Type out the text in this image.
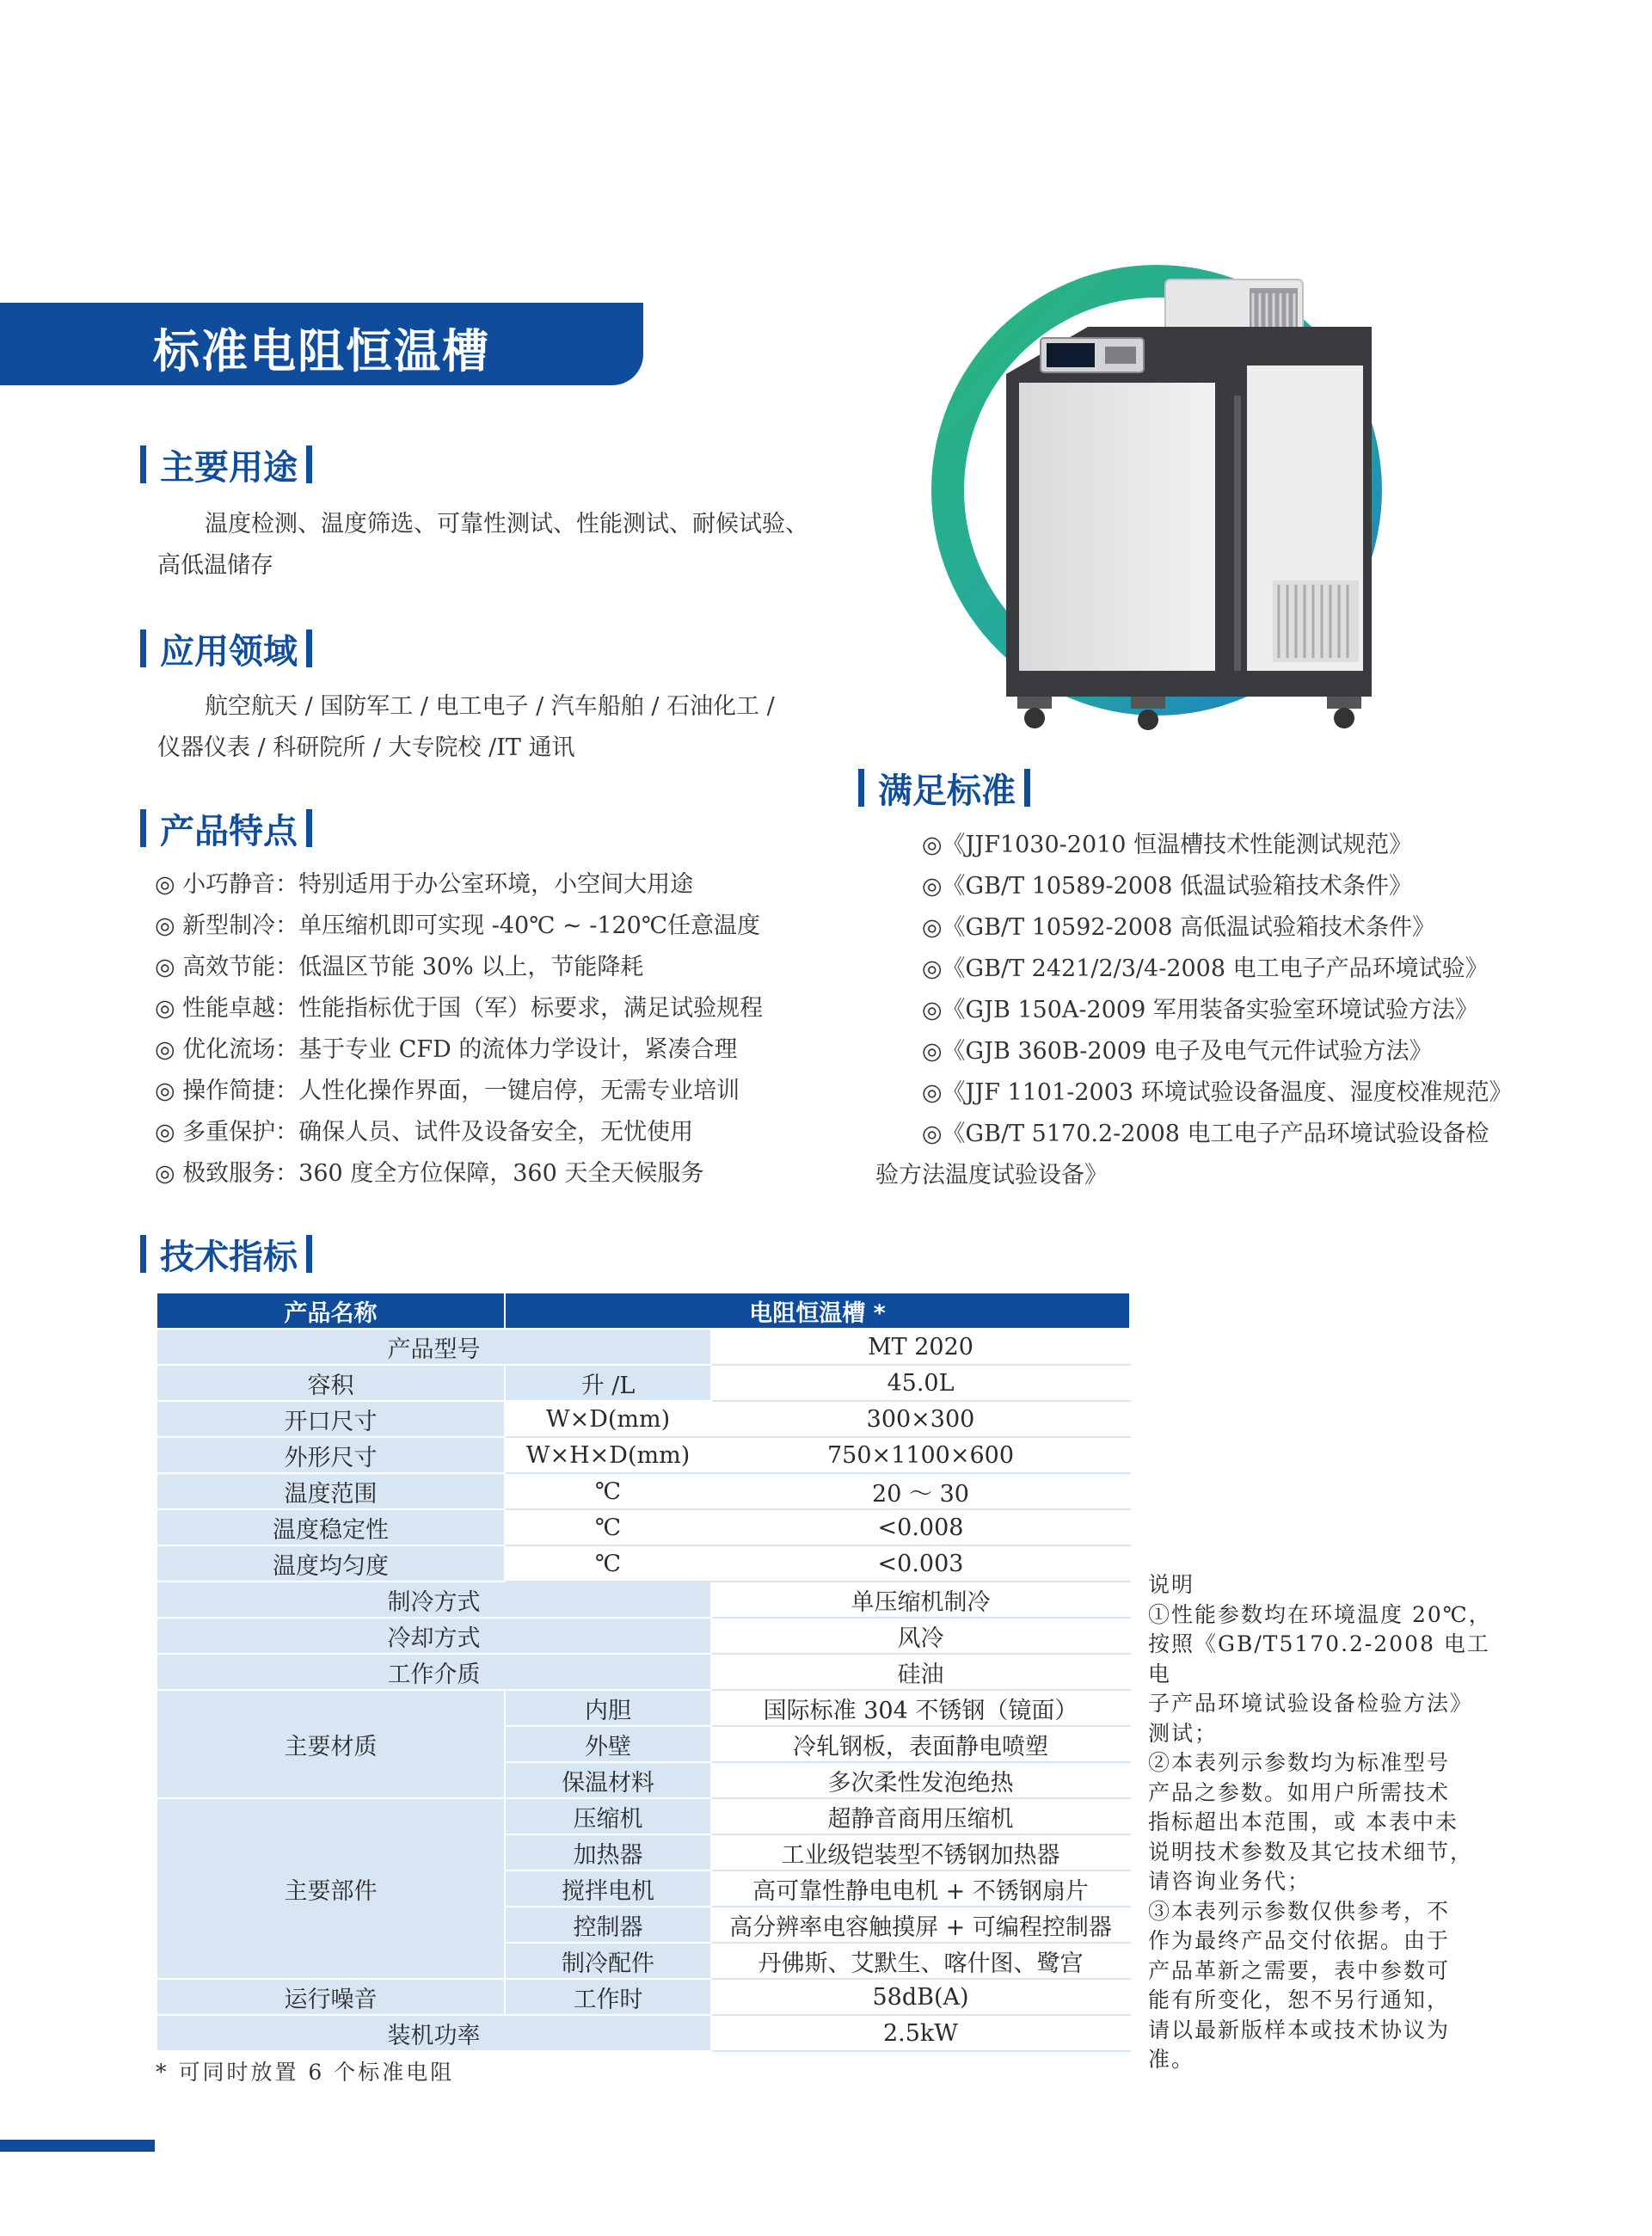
标准电阻恒温槽
主要用途
温度检测、温度筛选、可靠性测试、性能测试、耐候试验、
高低温储存
应用领域
航空航天 / 国防军工 / 电工电子 / 汽车船舶 / 石油化工 /
仪器仪表 / 科研院所 / 大专院校 /IT 通讯
产品特点
◎ 小巧静音：特别适用于办公室环境，小空间大用途
◎ 新型制冷：单压缩机即可实现 -40℃ ~ -120℃任意温度
◎ 高效节能：低温区节能 30% 以上，节能降耗
◎ 性能卓越：性能指标优于国（军）标要求，满足试验规程
◎ 优化流场：基于专业 CFD 的流体力学设计，紧凑合理
◎ 操作简捷：人性化操作界面，一键启停，无需专业培训
◎ 多重保护：确保人员、试件及设备安全，无忧使用
◎ 极致服务：360 度全方位保障，360 天全天候服务
满足标准
◎《JJF1030-2010 恒温槽技术性能测试规范》
◎《GB/T 10589-2008 低温试验箱技术条件》
◎《GB/T 10592-2008 高低温试验箱技术条件》
◎《GB/T 2421/2/3/4-2008 电工电子产品环境试验》
◎《GJB 150A-2009 军用装备实验室环境试验方法》
◎《GJB 360B-2009 电子及电气元件试验方法》
◎《JJF 1101-2003 环境试验设备温度、湿度校准规范》
◎《GB/T 5170.2-2008 电工电子产品环境试验设备检
验方法温度试验设备》
技术指标
产品名称	电阻恒温槽 *	
产品型号		MT 2020
容积	升 /L	45.0L
开口尺寸	W×D(mm)	300×300
外形尺寸	W×H×D(mm)	750×1100×600
温度范围	℃	20 ～ 30
温度稳定性	℃	<0.008
温度均匀度	℃	<0.003
制冷方式		单压缩机制冷
冷却方式		风冷
工作介质		硅油
主要材质	内胆	国际标准 304 不锈钢（镜面）
	外壁	冷轧钢板，表面静电喷塑
	保温材料	多次柔性发泡绝热
主要部件	压缩机	超静音商用压缩机
	加热器	工业级铠装型不锈钢加热器
	搅拌电机	高可靠性静电电机 + 不锈钢扇片
	控制器	高分辨率电容触摸屏 + 可编程控制器
	制冷配件	丹佛斯、艾默生、喀什图、鹭宫
运行噪音	工作时	58dB(A)
装机功率		2.5kW
* 可同时放置 6 个标准电阻
说明
①性能参数均在环境温度 20℃，
按照《GB/T5170.2-2008 电工电
子产品环境试验设备检验方法》
测试；
②本表列示参数均为标准型号
产品之参数。如用户所需技术
指标超出本范围，或 本表中未
说明技术参数及其它技术细节，
请咨询业务代；
③本表列示参数仅供参考，不
作为最终产品交付依据。由于
产品革新之需要，表中参数可
能有所变化，恕不另行通知，
请以最新版样本或技术协议为
准。
